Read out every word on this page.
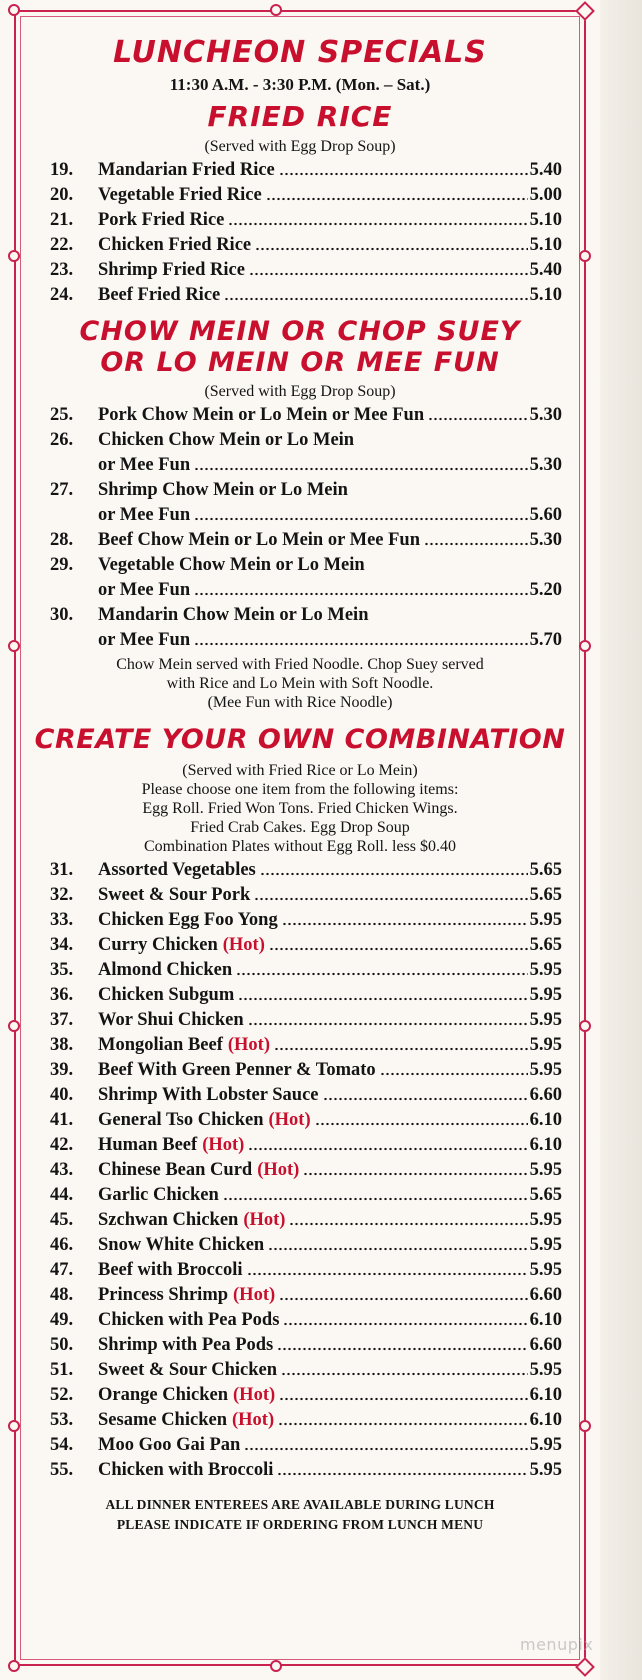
LUNCHEON SPECIALS
11:30 A.M. - 3:30 P.M. (Mon. – Sat.)
FRIED RICE
(Served with Egg Drop Soup)
19.	Mandarian Fried Rice	5.40
20.	Vegetable Fried Rice	5.00
21.	Pork Fried Rice	5.10
22.	Chicken Fried Rice	5.10
23.	Shrimp Fried Rice	5.40
24.	Beef Fried Rice	5.10
CHOW MEIN OR CHOP SUEY
OR LO MEIN OR MEE FUN
(Served with Egg Drop Soup)
25.	Pork Chow Mein or Lo Mein or Mee Fun	5.30
26.	Chicken Chow Mein or Lo Mein
or Mee Fun	5.30
27.	Shrimp Chow Mein or Lo Mein
or Mee Fun	5.60
28.	Beef Chow Mein or Lo Mein or Mee Fun	5.30
29.	Vegetable Chow Mein or Lo Mein
or Mee Fun	5.20
30.	Mandarin Chow Mein or Lo Mein
or Mee Fun	5.70
Chow Mein served with Fried Noodle. Chop Suey served
with Rice and Lo Mein with Soft Noodle.
(Mee Fun with Rice Noodle)
CREATE YOUR OWN COMBINATION
(Served with Fried Rice or Lo Mein)
Please choose one item from the following items:
Egg Roll. Fried Won Tons. Fried Chicken Wings.
Fried Crab Cakes. Egg Drop Soup
Combination Plates without Egg Roll. less $0.40
31.	Assorted Vegetables	5.65
32.	Sweet & Sour Pork	5.65
33.	Chicken Egg Foo Yong	5.95
34.	Curry Chicken (Hot)	5.65
35.	Almond Chicken	5.95
36.	Chicken Subgum	5.95
37.	Wor Shui Chicken	5.95
38.	Mongolian Beef (Hot)	5.95
39.	Beef With Green Penner & Tomato	5.95
40.	Shrimp With Lobster Sauce	6.60
41.	General Tso Chicken (Hot)	6.10
42.	Human Beef (Hot)	6.10
43.	Chinese Bean Curd (Hot)	5.95
44.	Garlic Chicken	5.65
45.	Szchwan Chicken (Hot)	5.95
46.	Snow White Chicken	5.95
47.	Beef with Broccoli	5.95
48.	Princess Shrimp (Hot)	6.60
49.	Chicken with Pea Pods	6.10
50.	Shrimp with Pea Pods	6.60
51.	Sweet & Sour Chicken	5.95
52.	Orange Chicken (Hot)	6.10
53.	Sesame Chicken (Hot)	6.10
54.	Moo Goo Gai Pan	5.95
55.	Chicken with Broccoli	5.95
ALL DINNER ENTEREES ARE AVAILABLE DURING LUNCH
PLEASE INDICATE IF ORDERING FROM LUNCH MENU
menupix
